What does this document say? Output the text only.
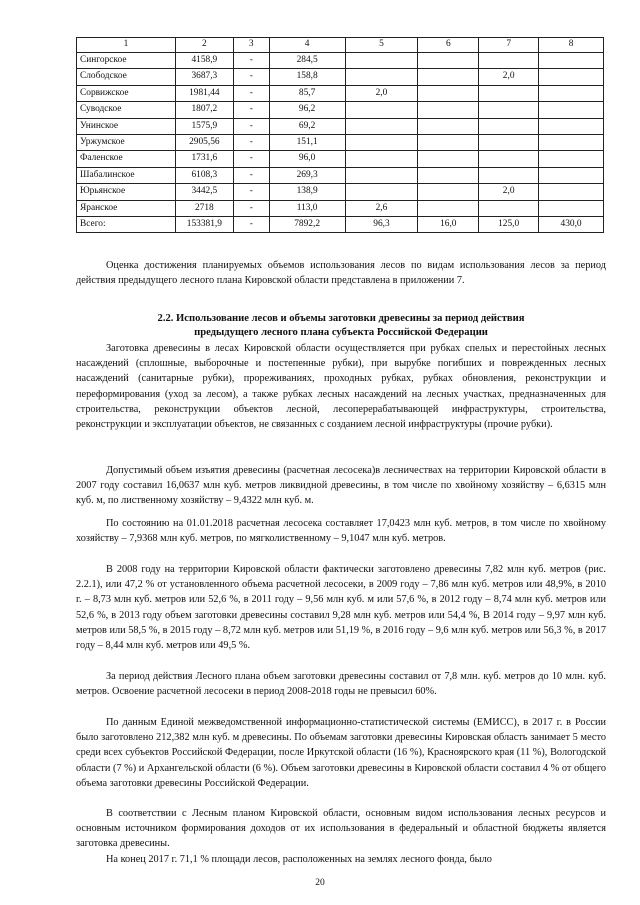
1	2	3	4	5	6	7	8
Сингорское	4158,9	-	284,5				
Слободское	3687,3	-	158,8			2,0	
Сорвижское	1981,44	-	85,7	2,0			
Суводское	1807,2	-	96,2				
Унинское	1575,9	-	69,2				
Уржумское	2905,56	-	151,1				
Фаленское	1731,6	-	96,0				
Шабалинское	6108,3	-	269,3				
Юрьянское	3442,5	-	138,9			2,0	
Яранское	2718	-	113,0	2,6			
Всего:	153381,9	-	7892,2	96,3	16,0	125,0	430,0
Оценка достижения планируемых объемов использования лесов по видам использования лесов за период действия предыдущего лесного плана Кировской области представлена в приложении 7.
2.2. Использование лесов и объемы заготовки древесины за период действия
предыдущего лесного плана субъекта Российской Федерации
Заготовка древесины в лесах Кировской области осуществляется при рубках спелых и перестойных лесных насаждений (сплошные, выборочные и постепенные рубки), при вырубке погибших и поврежденных лесных насаждений (санитарные рубки), прореживаниях, проходных рубках, рубках обновления, реконструкции и переформирования (уход за лесом), а также рубках лесных насаждений на лесных участках, предназначенных для строительства, реконструкции объектов лесной, лесоперерабатывающей инфраструктуры, строительства, реконструкции и эксплуатации объектов, не связанных с созданием лесной инфраструктуры (прочие рубки).
Допустимый объем изъятия древесины (расчетная лесосека)в лесничествах на территории Кировской области в 2007 году составил 16,0637 млн куб. метров ликвидной древесины, в том числе по хвойному хозяйству – 6,6315 млн куб. м, по лиственному хозяйству – 9,4322 млн куб. м.
По состоянию на 01.01.2018 расчетная лесосека составляет 17,0423 млн куб. метров, в том числе по хвойному хозяйству – 7,9368 млн куб. метров, по мягколиственному – 9,1047 млн куб. метров.
В 2008 году на территории Кировской области фактически заготовлено древесины 7,82 млн куб. метров (рис. 2.2.1), или 47,2 % от установленного объема расчетной лесосеки, в 2009 году – 7,86 млн куб. метров или 48,9%, в 2010 г. – 8,73 млн куб. метров или 52,6 %, в 2011 году – 9,56 млн куб. м или 57,6 %, в 2012 году – 8,74 млн куб. метров или 52,6 %, в 2013 году объем заготовки древесины составил 9,28 млн куб. метров или 54,4 %, В 2014 году – 9,97 млн куб. метров или 58,5 %, в 2015 году – 8,72 млн куб. метров или 51,19 %, в 2016 году – 9,6 млн куб. метров или 56,3 %, в 2017 году – 8,44 млн куб. метров или 49,5 %.
За период действия Лесного плана объем заготовки древесины составил от 7,8 млн. куб. метров до 10 млн. куб. метров. Освоение расчетной лесосеки в период 2008-2018 годы не превысил 60%.
По данным Единой межведомственной информационно-статистической системы (ЕМИСС), в 2017 г. в России было заготовлено 212,382 млн куб. м древесины. По объемам заготовки древесины Кировская область занимает 5 место среди всех субъектов Российской Федерации, после Иркутской области (16 %), Красноярского края (11 %), Вологодской области (7 %) и Архангельской области (6 %). Объем заготовки древесины в Кировской области составил 4 % от общего объема заготовки древесины Российской Федерации.
В соответствии с Лесным планом Кировской области, основным видом использования лесных ресурсов и основным источником формирования доходов от их использования в федеральный и областной бюджеты является заготовка древесины.
На конец 2017 г. 71,1 % площади лесов, расположенных на землях лесного фонда, было
20
